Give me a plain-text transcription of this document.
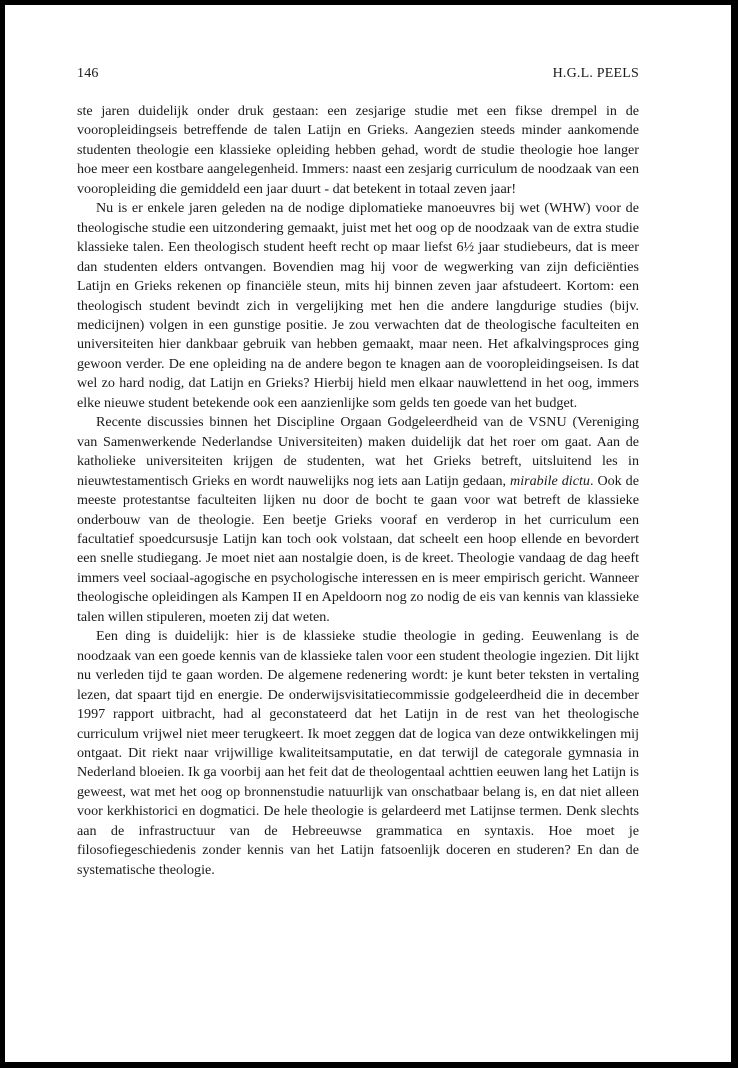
146	H.G.L. PEELS

ste jaren duidelijk onder druk gestaan: een zesjarige studie met een fikse drempel in de vooropleidingseis betreffende de talen Latijn en Grieks. Aangezien steeds minder aankomende studenten theologie een klassieke opleiding hebben gehad, wordt de studie theologie hoe langer hoe meer een kostbare aangelegenheid. Immers: naast een zesjarig curriculum de noodzaak van een vooropleiding die gemiddeld een jaar duurt - dat betekent in totaal zeven jaar!

Nu is er enkele jaren geleden na de nodige diplomatieke manoeuvres bij wet (WHW) voor de theologische studie een uitzondering gemaakt, juist met het oog op de noodzaak van de extra studie klassieke talen. Een theologisch student heeft recht op maar liefst 6½ jaar studiebeurs, dat is meer dan studenten elders ontvangen. Bovendien mag hij voor de wegwerking van zijn deficiënties Latijn en Grieks rekenen op financiële steun, mits hij binnen zeven jaar afstudeert. Kortom: een theologisch student bevindt zich in vergelijking met hen die andere langdurige studies (bijv. medicijnen) volgen in een gunstige positie. Je zou verwachten dat de theologische faculteiten en universiteiten hier dankbaar gebruik van hebben gemaakt, maar neen. Het afkalvingsproces ging gewoon verder. De ene opleiding na de andere begon te knagen aan de vooropleidingseisen. Is dat wel zo hard nodig, dat Latijn en Grieks? Hierbij hield men elkaar nauwlettend in het oog, immers elke nieuwe student betekende ook een aanzienlijke som gelds ten goede van het budget.

Recente discussies binnen het Discipline Orgaan Godgeleerdheid van de VSNU (Vereniging van Samenwerkende Nederlandse Universiteiten) maken duidelijk dat het roer om gaat. Aan de katholieke universiteiten krijgen de studenten, wat het Grieks betreft, uitsluitend les in nieuwtestamentisch Grieks en wordt nauwelijks nog iets aan Latijn gedaan, mirabile dictu. Ook de meeste protestantse faculteiten lijken nu door de bocht te gaan voor wat betreft de klassieke onderbouw van de theologie. Een beetje Grieks vooraf en verderop in het curriculum een facultatief spoedcursusje Latijn kan toch ook volstaan, dat scheelt een hoop ellende en bevordert een snelle studiegang. Je moet niet aan nostalgie doen, is de kreet. Theologie vandaag de dag heeft immers veel sociaal-agogische en psychologische interessen en is meer empirisch gericht. Wanneer theologische opleidingen als Kampen II en Apeldoorn nog zo nodig de eis van kennis van klassieke talen willen stipuleren, moeten zij dat weten.

Een ding is duidelijk: hier is de klassieke studie theologie in geding. Eeuwenlang is de noodzaak van een goede kennis van de klassieke talen voor een student theologie ingezien. Dit lijkt nu verleden tijd te gaan worden. De algemene redenering wordt: je kunt beter teksten in vertaling lezen, dat spaart tijd en energie. De onderwijsvisitatiecommissie godgeleerdheid die in december 1997 rapport uitbracht, had al geconstateerd dat het Latijn in de rest van het theologische curriculum vrijwel niet meer terugkeert. Ik moet zeggen dat de logica van deze ontwikkelingen mij ontgaat. Dit riekt naar vrijwillige kwaliteitsamputatie, en dat terwijl de categorale gymnasia in Nederland bloeien. Ik ga voorbij aan het feit dat de theologentaal achttien eeuwen lang het Latijn is geweest, wat met het oog op bronnenstudie natuurlijk van onschatbaar belang is, en dat niet alleen voor kerkhistorici en dogmatici. De hele theologie is gelardeerd met Latijnse termen. Denk slechts aan de infrastructuur van de Hebreeuwse grammatica en syntaxis. Hoe moet je filosofiegeschiedenis zonder kennis van het Latijn fatsoenlijk doceren en studeren? En dan de systematische theologie.
